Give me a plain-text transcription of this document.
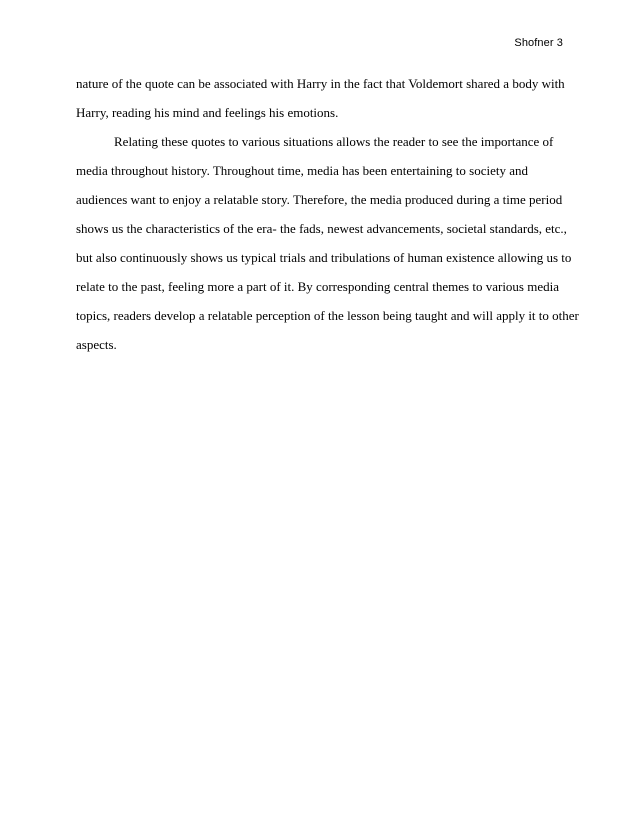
Shofner 3

nature of the quote can be associated with Harry in the fact that Voldemort shared a body with

Harry, reading his mind and feelings his emotions.

Relating these quotes to various situations allows the reader to see the importance of

media throughout history. Throughout time, media has been entertaining to society and

audiences want to enjoy a relatable story. Therefore, the media produced during a time period

shows us the characteristics of the era- the fads, newest advancements, societal standards, etc.,

but also continuously shows us typical trials and tribulations of human existence allowing us to

relate to the past, feeling more a part of it. By corresponding central themes to various media

topics, readers develop a relatable perception of the lesson being taught and will apply it to other

aspects.
